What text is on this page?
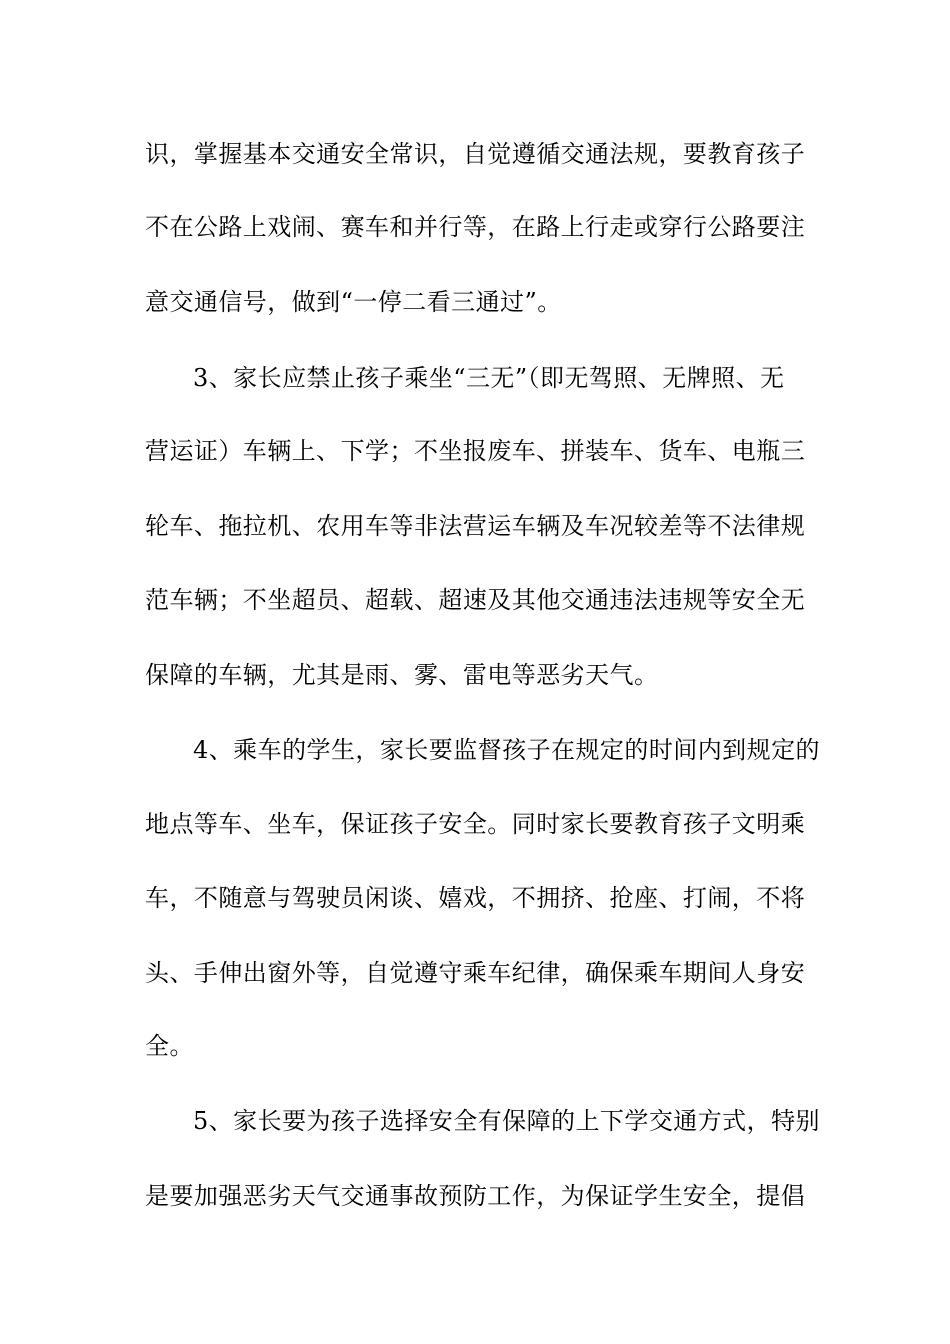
识，掌握基本交通安全常识，自觉遵循交通法规，要教育孩子
不在公路上戏闹、赛车和并行等，在路上行走或穿行公路要注
意交通信号，做到“一停二看三通过”。
3、家长应禁止孩子乘坐“三无”（即无驾照、无牌照、无
营运证）车辆上、下学；不坐报废车、拼装车、货车、电瓶三
轮车、拖拉机、农用车等非法营运车辆及车况较差等不法律规
范车辆；不坐超员、超载、超速及其他交通违法违规等安全无
保障的车辆，尤其是雨、雾、雷电等恶劣天气。
4、乘车的学生，家长要监督孩子在规定的时间内到规定的
地点等车、坐车，保证孩子安全。同时家长要教育孩子文明乘
车，不随意与驾驶员闲谈、嬉戏，不拥挤、抢座、打闹，不将
头、手伸出窗外等，自觉遵守乘车纪律，确保乘车期间人身安
全。
5、家长要为孩子选择安全有保障的上下学交通方式，特别
是要加强恶劣天气交通事故预防工作，为保证学生安全，提倡
